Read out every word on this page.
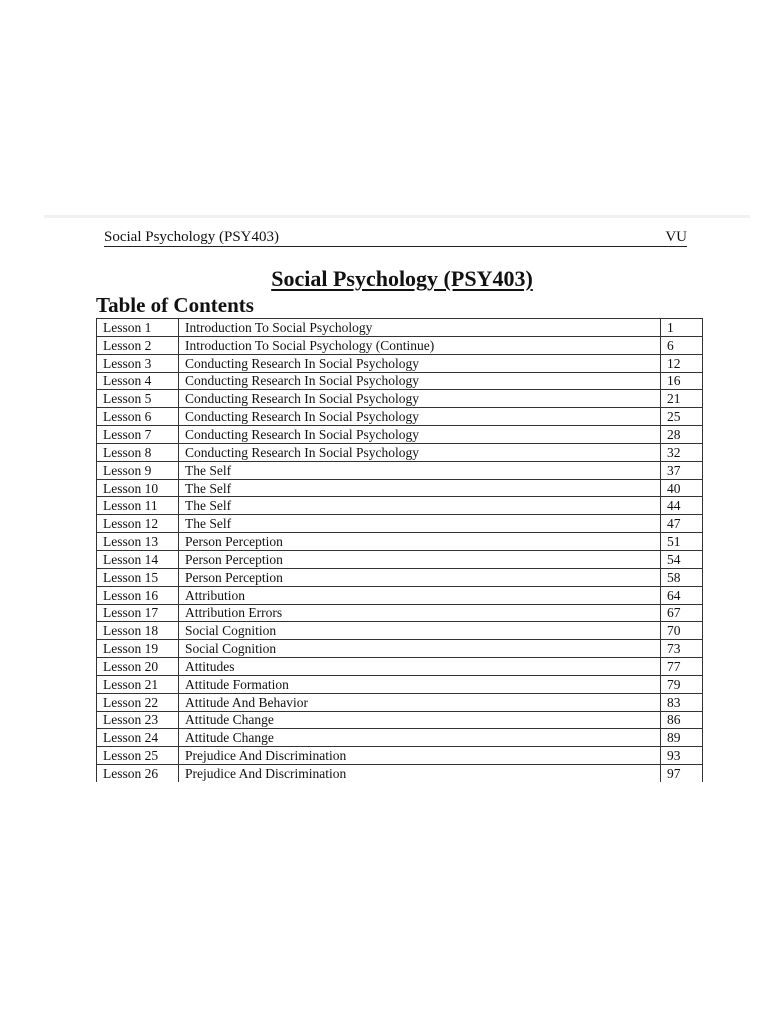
Social Psychology (PSY403)	VU
Social Psychology (PSY403)
Table of Contents
Lesson 1	Introduction To Social Psychology	1
Lesson 2	Introduction To Social Psychology (Continue)	6
Lesson 3	Conducting Research In Social Psychology	12
Lesson 4	Conducting Research In Social Psychology	16
Lesson 5	Conducting Research In Social Psychology	21
Lesson 6	Conducting Research In Social Psychology	25
Lesson 7	Conducting Research In Social Psychology	28
Lesson 8	Conducting Research In Social Psychology	32
Lesson 9	The Self	37
Lesson 10	The Self	40
Lesson 11	The Self	44
Lesson 12	The Self	47
Lesson 13	Person Perception	51
Lesson 14	Person Perception	54
Lesson 15	Person Perception	58
Lesson 16	Attribution	64
Lesson 17	Attribution Errors	67
Lesson 18	Social Cognition	70
Lesson 19	Social Cognition	73
Lesson 20	Attitudes	77
Lesson 21	Attitude Formation	79
Lesson 22	Attitude And Behavior	83
Lesson 23	Attitude Change	86
Lesson 24	Attitude Change	89
Lesson 25	Prejudice And Discrimination	93
Lesson 26	Prejudice And Discrimination	97
